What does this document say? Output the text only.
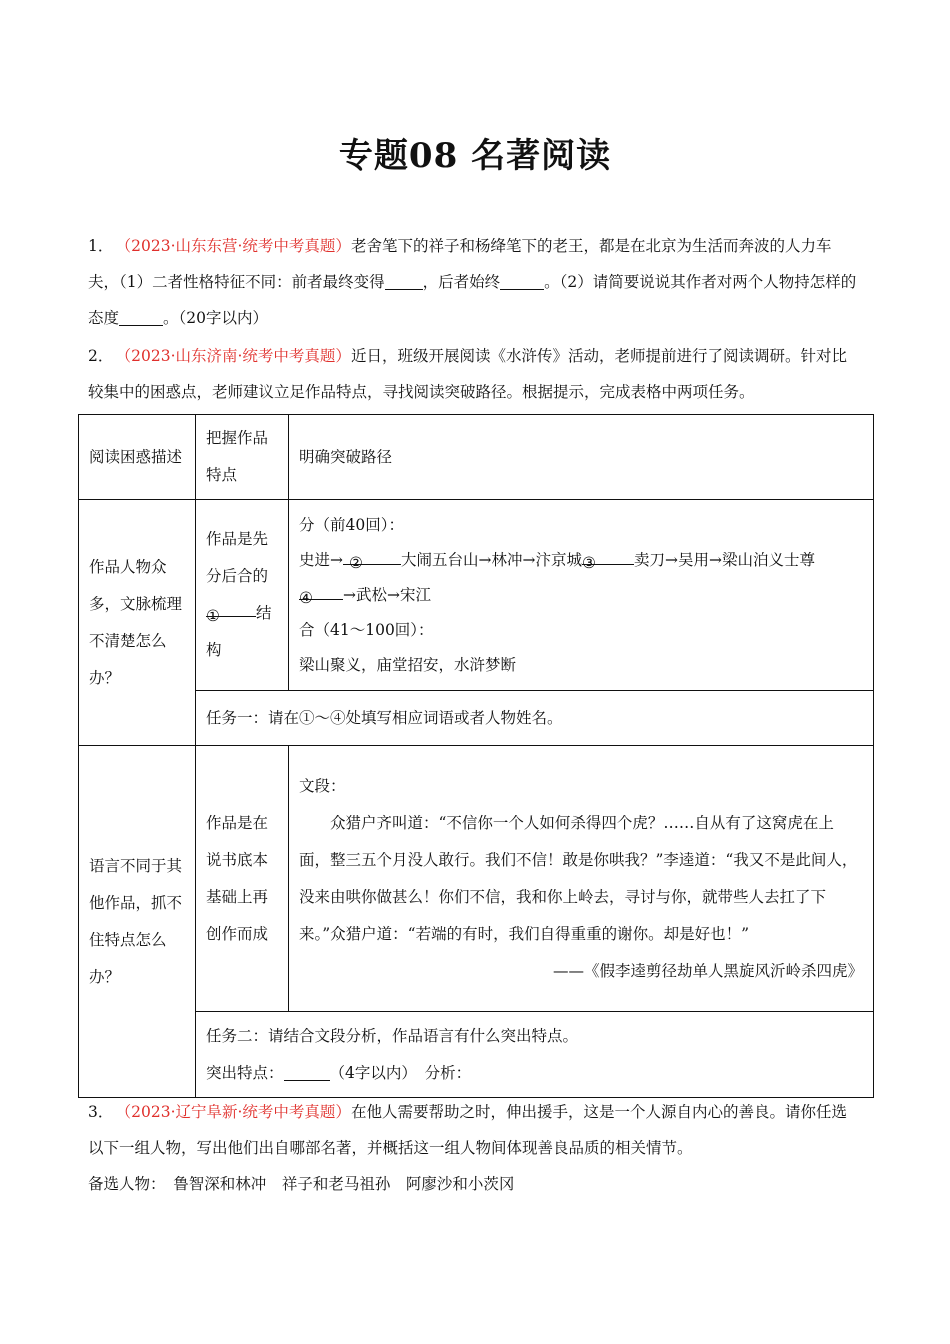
专题08 名著阅读
1． （2023·山东东营·统考中考真题）老舍笔下的祥子和杨绛笔下的老王，都是在北京为生活而奔波的人力车夫，（1）二者性格特征不同：前者最终变得 ，后者始终	。（2）请简要说说其作者对两个人物持怎样的态度	。（20字以内）
2． （2023·山东济南·统考中考真题）近日，班级开展阅读《水浒传》活动，老师提前进行了阅读调研。针对比较集中的困惑点，老师建议立足作品特点，寻找阅读突破路径。根据提示，完成表格中两项任务。
阅读困惑描述	把握作品特点	明确突破路径
作品人物众多，文脉梳理不清楚怎么办？	作品是先分后合的① 结构	分（前40回）：
史进→ ② 大闹五台山→林冲→汴京城③ 卖刀→吴用→梁山泊义士尊
④ →武松→宋江
合（41～100回）：
梁山聚义，庙堂招安，水浒梦断

	任务一：请在①～④处填写相应词语或者人物姓名。	
语言不同于其他作品，抓不住特点怎么办？	作品是在说书底本基础上再创作而成	文段：
众猎户齐叫道：“不信你一个人如何杀得四个虎？……自从有了这窝虎在上面，整三五个月没人敢行。我们不信！敢是你哄我？”李逵道：“我又不是此间人，没来由哄你做甚么！你们不信，我和你上岭去，寻讨与你，就带些人去扛了下来。”众猎户道：“若端的有时，我们自得重重的谢你。却是好也！”
——《假李逵剪径劫单人黑旋风沂岭杀四虎》

	任务二：请结合文段分析，作品语言有什么突出特点。
突出特点： （4字以内）　分析：	
3． （2023·辽宁阜新·统考中考真题）在他人需要帮助之时，伸出援手，这是一个人源自内心的善良。请你任选以下一组人物，写出他们出自哪部名著，并概括这一组人物间体现善良品质的相关情节。
备选人物：　 鲁智深和林冲　 祥子和老马祖孙　 阿廖沙和小茨冈
